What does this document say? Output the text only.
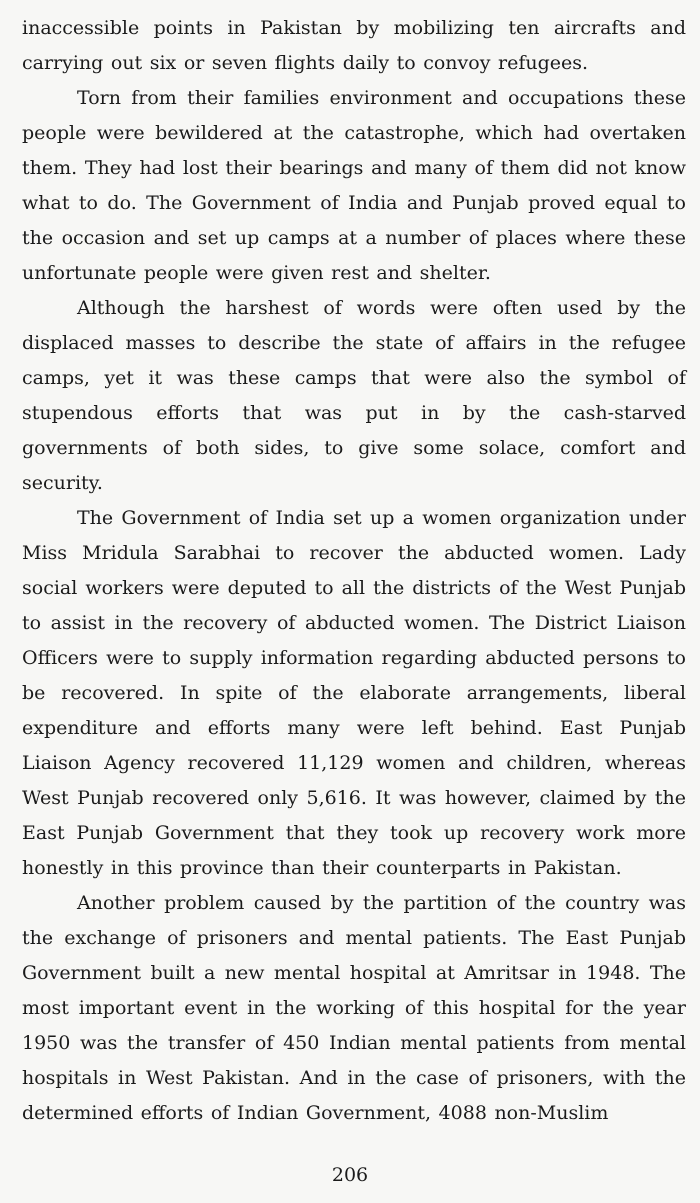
inaccessible points in Pakistan by mobilizing ten aircrafts and carrying out six or seven flights daily to convoy refugees.

Torn from their families environment and occupations these people were bewildered at the catastrophe, which had overtaken them. They had lost their bearings and many of them did not know what to do. The Government of India and Punjab proved equal to the occasion and set up camps at a number of places where these unfortunate people were given rest and shelter.

Although the harshest of words were often used by the displaced masses to describe the state of affairs in the refugee camps, yet it was these camps that were also the symbol of stupendous efforts that was put in by the cash-starved governments of both sides, to give some solace, comfort and security.

The Government of India set up a women organization under Miss Mridula Sarabhai to recover the abducted women. Lady social workers were deputed to all the districts of the West Punjab to assist in the recovery of abducted women. The District Liaison Officers were to supply information regarding abducted persons to be recovered. In spite of the elaborate arrangements, liberal expenditure and efforts many were left behind. East Punjab Liaison Agency recovered 11,129 women and children, whereas West Punjab recovered only 5,616. It was however, claimed by the East Punjab Government that they took up recovery work more honestly in this province than their counterparts in Pakistan.

Another problem caused by the partition of the country was the exchange of prisoners and mental patients. The East Punjab Government built a new mental hospital at Amritsar in 1948. The most important event in the working of this hospital for the year 1950 was the transfer of 450 Indian mental patients from mental hospitals in West Pakistan. And in the case of prisoners, with the determined efforts of Indian Government, 4088 non-Muslim

206
